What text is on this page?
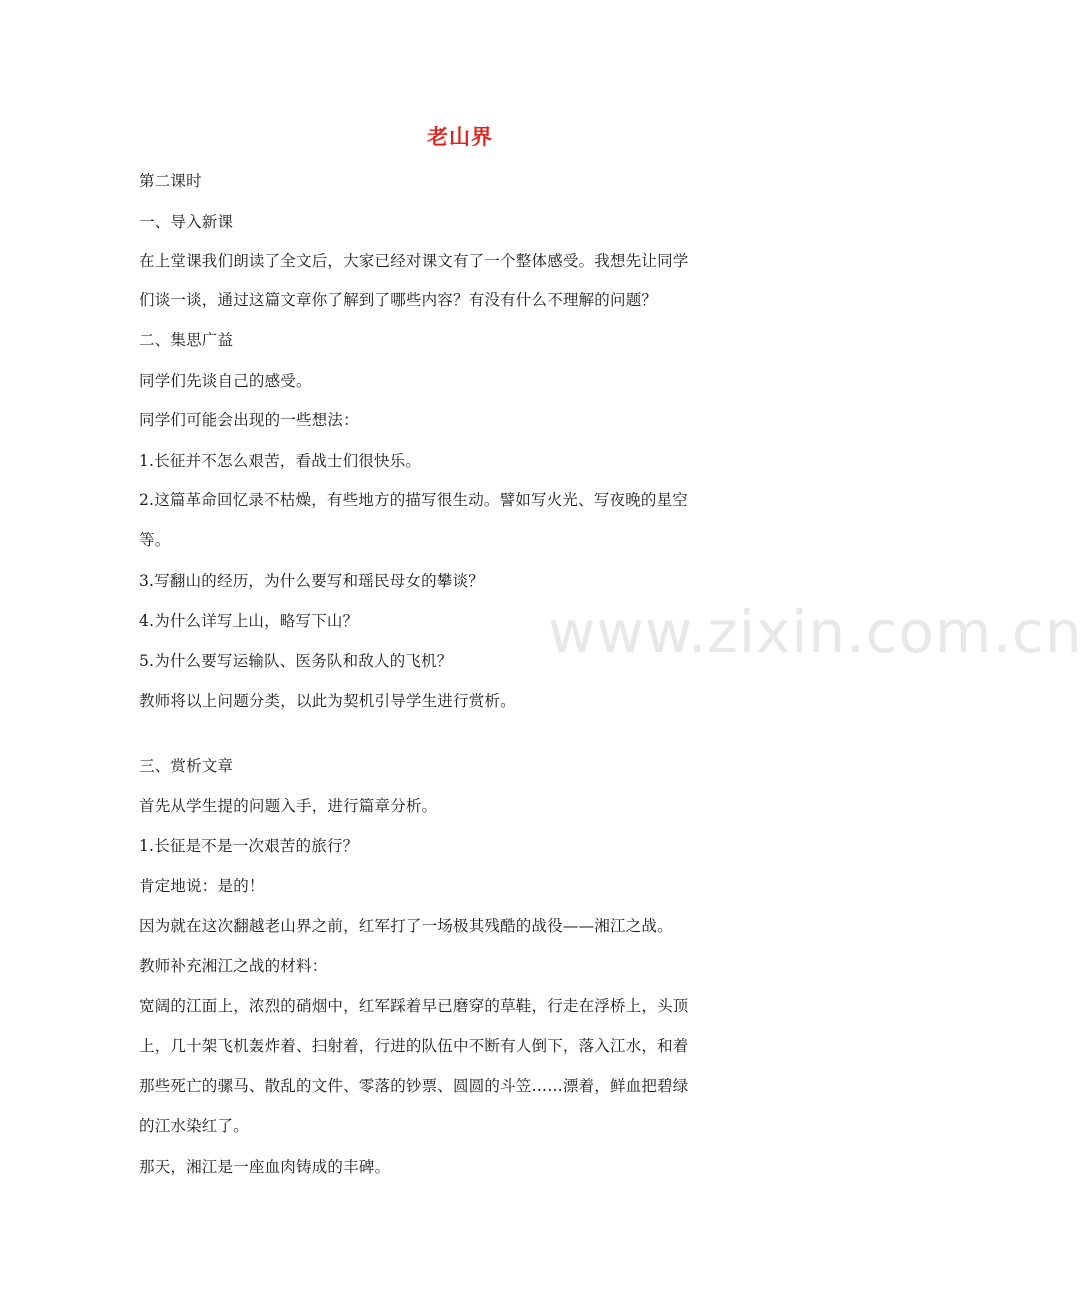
老山界
第二课时
一、导入新课
在上堂课我们朗读了全文后，大家已经对课文有了一个整体感受。我想先让同学
们谈一谈，通过这篇文章你了解到了哪些内容？有没有什么不理解的问题？
二、集思广益
同学们先谈自己的感受。
同学们可能会出现的一些想法：
1.长征并不怎么艰苦，看战士们很快乐。
2.这篇革命回忆录不枯燥，有些地方的描写很生动。譬如写火光、写夜晚的星空
等。
3.写翻山的经历，为什么要写和瑶民母女的攀谈？
4.为什么详写上山，略写下山？
5.为什么要写运输队、医务队和敌人的飞机？
教师将以上问题分类，以此为契机引导学生进行赏析。
三、赏析文章
首先从学生提的问题入手，进行篇章分析。
1.长征是不是一次艰苦的旅行？
肯定地说：是的！
因为就在这次翻越老山界之前，红军打了一场极其残酷的战役——湘江之战。
教师补充湘江之战的材料：
宽阔的江面上，浓烈的硝烟中，红军踩着早已磨穿的草鞋，行走在浮桥上，头顶
上，几十架飞机轰炸着、扫射着，行进的队伍中不断有人倒下，落入江水，和着
那些死亡的骡马、散乱的文件、零落的钞票、圆圆的斗笠……漂着，鲜血把碧绿
的江水染红了。
那天，湘江是一座血肉铸成的丰碑。
www.zixin.com.cn
